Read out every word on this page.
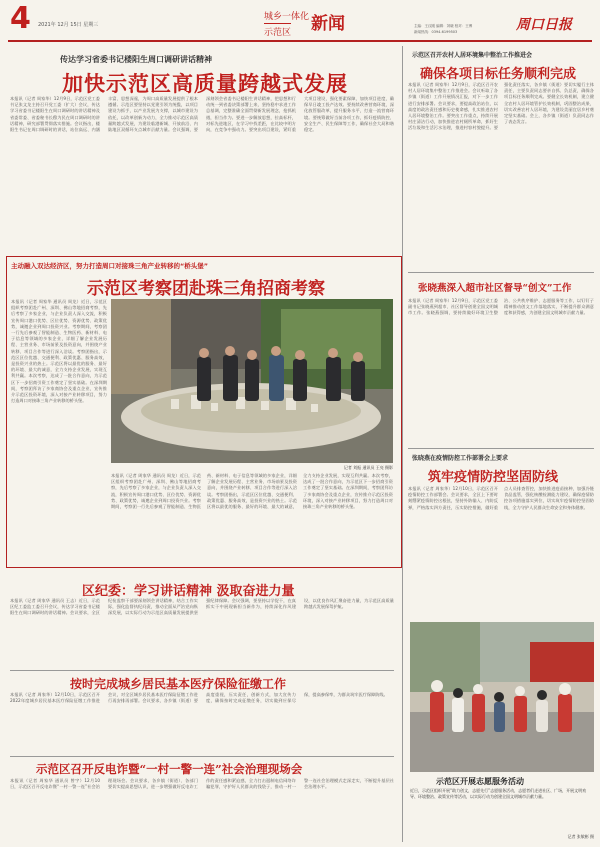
4 2021年 12月 15日 星期三
城乡一体化
示范区 新闻	主编：王汉刚 编辑：刘晓 校对：王博
新闻热线：0394-6199503	周口日报
传达学习省委书记楼阳生周口调研讲话精神
加快示范区高质量跨越式发展
本报讯（记者 周家华）12月9日，示范区党工委书记张文龙主持召开党工委（扩大）会议，传达学习省委书记楼阳生在周口调研时的讲话精神及省委常委、省委秘书长穆为民在周口调研时的讲话精神，研究部署贯彻落实措施。会议指出，楼阳生书记在周口调研时的讲话，站位高远、内涵丰富、思想深邃，为周口高质量发展提供了根本遵循。示范区要坚持以党建引领为统揽，以项目建设为抓手，以产业发展为支撑，以城市建设为依托，以改革创新为动力，全力推动示范区高质量跨越式发展，为建设临港新城、开放前沿、内陆地区双循环支点城市贡献力量。会议强调，要深刻领会省委书记楼阳生讲话精神，把思想和行动统一到省委决策部署上来，坚持稳中求进工作总基调，完整准确全面贯彻新发展理念，抢抓机遇，担当作为。要进一步解放思想，拉高标杆，对标先进地区，在学习中找差距，在比较中明方向，在竞争中强动力。要突出项目建设，紧盯重大项目建设，强化要素保障，加快项目进度，确保早日竣工投产达效。要持续改善营商环境，深化放管服改革，提升服务水平，打造一流营商环境。要统筹做好当前各项工作，抓好疫情防控、安全生产、民生保障等工作，确保社会大局和谐稳定。
主动融入双达经济区，努力打造周口对接珠三角产业转移的“桥头堡”
示范区考察团赴珠三角招商考察
记者 刘振 通讯员 王亮 摄影
本报讯（记者 周家华 通讯员 周龙）近日，示范区组织考察团赴广州、深圳、佛山等地招商考察，先后考察了多家企业，与企业负责人深入交流，积极宣传周口港口优势、区位优势、资源优势、政策优势，诚邀企业到周口投资兴业。考察期间，考察团一行先后参观了智能制造、生物医药、新材料、电子信息等领域的多家企业，详细了解企业发展历程、主营业务、市场前景及投资意向，并围绕产业转移、项目合作等进行深入洽谈。考察团指出，示范区区位优越、交通便利、政策优惠、服务高效，是投资兴业的热土。示范区将以最优的服务、最好的环境、最大的诚意，全力支持企业发展，实现互利共赢。本次考察，达成了一批合作意向，为示范区下一步招商引资工作奠定了坚实基础。在深圳期间，考察团拜访了多家商协会及重点企业，宣传推介示范区投资环境，深入对接产业转移项目，努力打造周口对接珠三角产业转移的桥头堡。
本报讯（记者 周家华 通讯员 周龙）近日，示范区组织考察团赴广州、深圳、佛山等地招商考察，先后考察了多家企业，与企业负责人深入交流，积极宣传周口港口优势、区位优势、资源优势、政策优势，诚邀企业到周口投资兴业。考察期间，考察团一行先后参观了智能制造、生物医药、新材料、电子信息等领域的多家企业，详细了解企业发展历程、主营业务、市场前景及投资意向，并围绕产业转移、项目合作等进行深入洽谈。考察团指出，示范区区位优越、交通便利、政策优惠、服务高效，是投资兴业的热土。示范区将以最优的服务、最好的环境、最大的诚意，全力支持企业发展，实现互利共赢。本次考察，达成了一批合作意向，为示范区下一步招商引资工作奠定了坚实基础。在深圳期间，考察团拜访了多家商协会及重点企业，宣传推介示范区投资环境，深入对接产业转移项目，努力打造周口对接珠三角产业转移的桥头堡。
区纪委：学习讲话精神 汲取奋进力量
本报讯（记者 周家华 通讯员 王志）近日，示范区纪工委监工委召开会议，传达学习省委书记楼阳生在周口调研时的讲话精神。会议要求，全区纪检监察干部要深刻领会讲话精神，结合工作实际，强化监督执纪问责，推动全面从严治党向纵深发展，以实际行动为示范区高质量发展提供坚强纪律保障。会议强调，要坚持以学促干，在真抓实干中展现新担当新作为，持续深化作风建设，以优良作风汇聚奋进力量，为示范区高质量跨越式发展保驾护航。
按时完成城乡居民基本医疗保险征缴工作
本报讯（记者 周家华）12月10日，示范区召开2022年度城乡居民基本医疗保险征缴工作推进会议，对全区城乡居民基本医疗保险征缴工作进行再安排再部署。会议要求，各乡镇（街道）要高度重视，压实责任，创新方式，加大宣传力度，确保按时完成征缴任务，切实做到应保尽保，提高参保率，为群众筑牢医疗保障防线。
示范区召开反电诈暨“一村一警一连”社会治理现场会
本报讯（记者 周家华 通讯员 曾宇）12月10日，示范区召开反电诈暨“一村一警一连”社会治理现场会。会议要求，各乡镇（街道）、各部门要切实提高思想认识，进一步增强做好反电诈工作的责任感和紧迫感，全力打击遏制电信网络诈骗犯罪，守护好人民群众的钱袋子，推动一村一警一连社会治理模式走深走实，不断提升基层社会治理水平。
示范区召开农村人居环境集中整治工作推进会
确保各项目标任务顺利完成
本报讯（记者 周家华）12月9日，示范区召开农村人居环境集中整治工作推进会。会议听取了各乡镇（街道）工作开展情况汇报，对下一步工作进行安排部署。会议要求，要提高政治站位，以高度的政治责任感和历史使命感，扎实推进农村人居环境整治工作。要突出工作重点，持续开展村庄清洁行动，加快推进农村厕所革命，抓好生活垃圾和生活污水治理，推进村容村貌提升。要强化责任落实，各乡镇（街道）要切实履行主体责任，主要负责同志要亲自抓、负总责，确保各项目标任务顺利完成。要健全长效机制，建立健全农村人居环境管护长效机制，巩固整治成果，切实改善农村人居环境，为建设美丽宜居乡村奠定坚实基础。会上，各乡镇（街道）负责同志作了表态发言。
张晓燕深入超市社区督导“创文”工作
本报讯（记者 周家华）12月9日，示范区党工委副书记张晓燕到超市、社区督导创建全国文明城市工作。张晓燕强调，要持续做好环境卫生整治、公共秩序维护、志愿服务等工作，以钉钉子精神推动创文工作落地落实，不断提升群众满意度和获得感，为创建全国文明城市贡献力量。
张晓燕在疫情防控工作部署会上要求
筑牢疫情防控坚固防线
本报讯（记者 周家华）12月10日，示范区召开疫情防控工作部署会。会议要求，全区上下要时刻绷紧疫情防控这根弦，坚持外防输入、内防反弹，严格落实四方责任，压实防控措施，做好重点人员排查管控，加快推进疫苗接种，加强冷链食品监管，强化核酸检测能力建设，确保疫情防控各项措施落实到位，切实筑牢疫情防控坚固防线，全力守护人民群众生命安全和身体健康。
示范区开展志愿服务活动
近日，示范区组织开展“助力创文，志愿先行”志愿服务活动，志愿者们走进社区、广场，开展文明劝导、环境整治、政策宣传等活动，以实际行动为创建全国文明城市贡献力量。
记者 张敏彬 摄
